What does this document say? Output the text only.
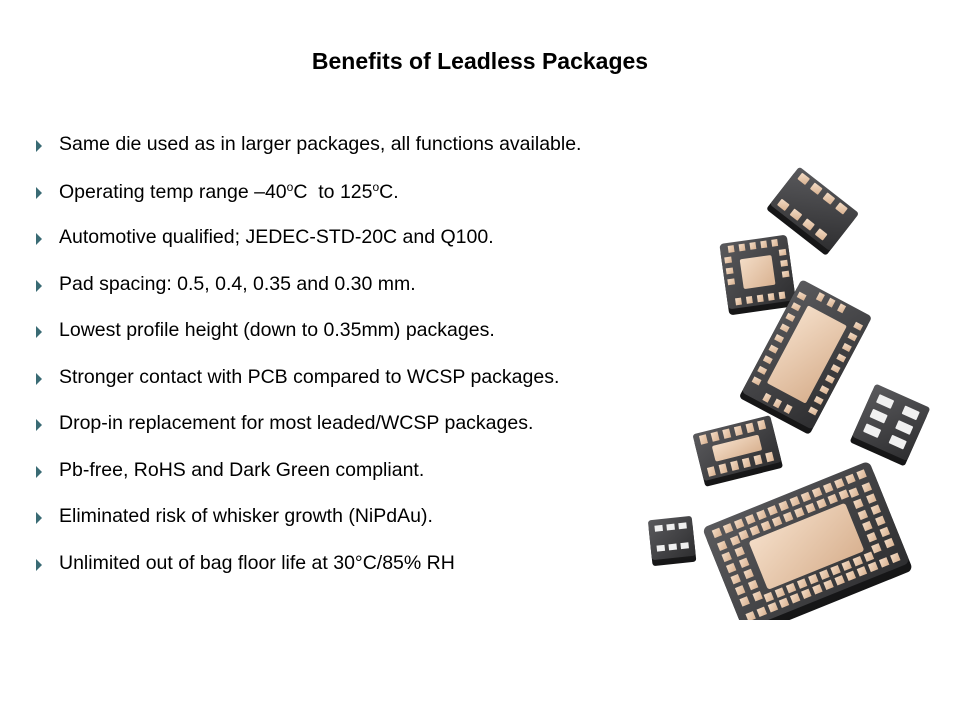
Benefits of Leadless Packages
Same die used as in larger packages, all functions available.
Operating temp range –40$^o$C  to 125$^o$C.
Automotive qualified; JEDEC-STD-20C and Q100.
Pad spacing: 0.5, 0.4, 0.35 and 0.30 mm.
Lowest profile height (down to 0.35mm) packages.
Stronger contact with PCB compared to WCSP packages.
Drop-in replacement for most leaded/WCSP packages.
Pb-free, RoHS and Dark Green compliant.
Eliminated risk of whisker growth (NiPdAu).
Unlimited out of bag floor life at 30°C/85% RH
